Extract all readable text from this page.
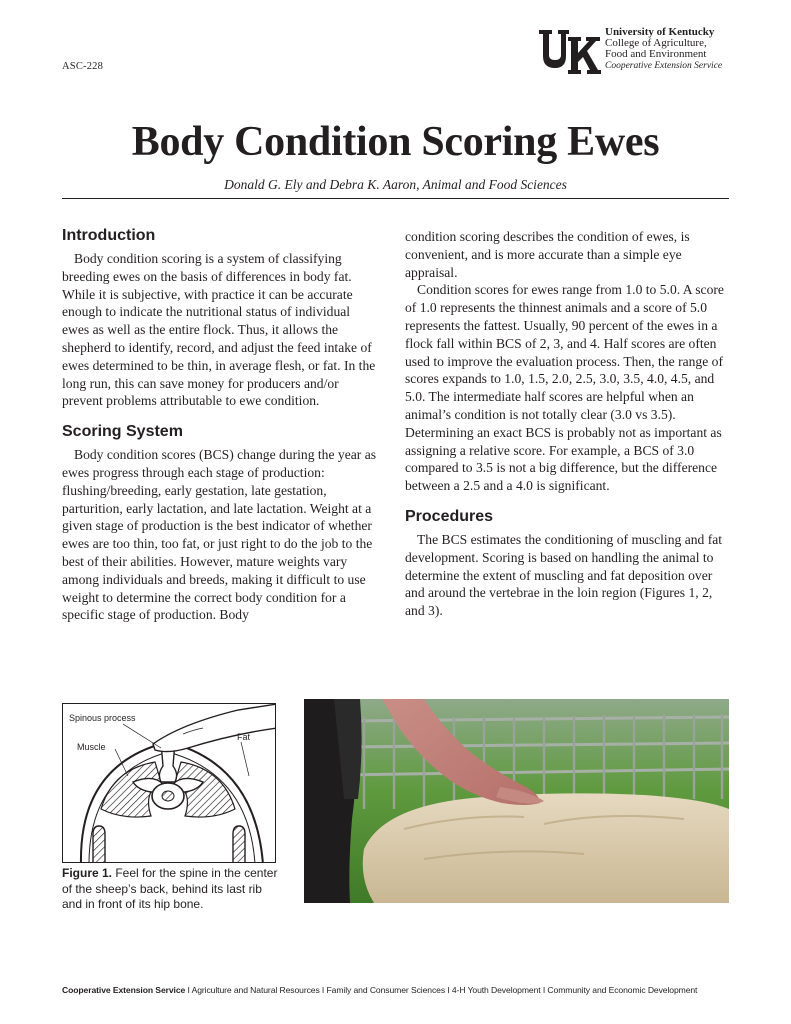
ASC-228
University of Kentucky
College of Agriculture,
Food and Environment
Cooperative Extension Service
Body Condition Scoring Ewes
Donald G. Ely and Debra K. Aaron, Animal and Food Sciences
Introduction

Body condition scoring is a system of classifying breeding ewes on the basis of differences in body fat. While it is subjective, with practice it can be accurate enough to indicate the nutritional status of individual ewes as well as the entire flock. Thus, it allows the shepherd to identify, record, and adjust the feed intake of ewes determined to be thin, in average flesh, or fat. In the long run, this can save money for producers and/or prevent problems attributable to ewe condition.

Scoring System

Body condition scores (BCS) change during the year as ewes progress through each stage of production: flushing/breeding, early gestation, late gestation, parturition, early lactation, and late lactation. Weight at a given stage of production is the best indicator of whether ewes are too thin, too fat, or just right to do the job to the best of their abilities. However, mature weights vary among individuals and breeds, making it difficult to use weight to determine the correct body condition for a specific stage of production. Body

condition scoring describes the condition of ewes, is convenient, and is more accurate than a simple eye appraisal.

Condition scores for ewes range from 1.0 to 5.0. A score of 1.0 represents the thinnest animals and a score of 5.0 represents the fattest. Usually, 90 percent of the ewes in a flock fall within BCS of 2, 3, and 4. Half scores are often used to improve the evaluation process. Then, the range of scores expands to 1.0, 1.5, 2.0, 2.5, 3.0, 3.5, 4.0, 4.5, and 5.0. The intermediate half scores are helpful when an animal’s condition is not totally clear (3.0 vs 3.5). Determining an exact BCS is probably not as important as assigning a relative score. For example, a BCS of 3.0 compared to 3.5 is not a big difference, but the difference between a 2.5 and a 4.0 is significant.

Procedures

The BCS estimates the conditioning of muscling and fat development. Scoring is based on handling the animal to determine the extent of muscling and fat deposition over and around the vertebrae in the loin region (Figures 1, 2, and 3).

Spinous process
Muscle
Fat
Figure 1. Feel for the spine in the center of the sheep’s back, behind its last rib and in front of its hip bone.
Cooperative Extension Service I Agriculture and Natural Resources I Family and Consumer Sciences I 4-H Youth Development I Community and Economic Development
